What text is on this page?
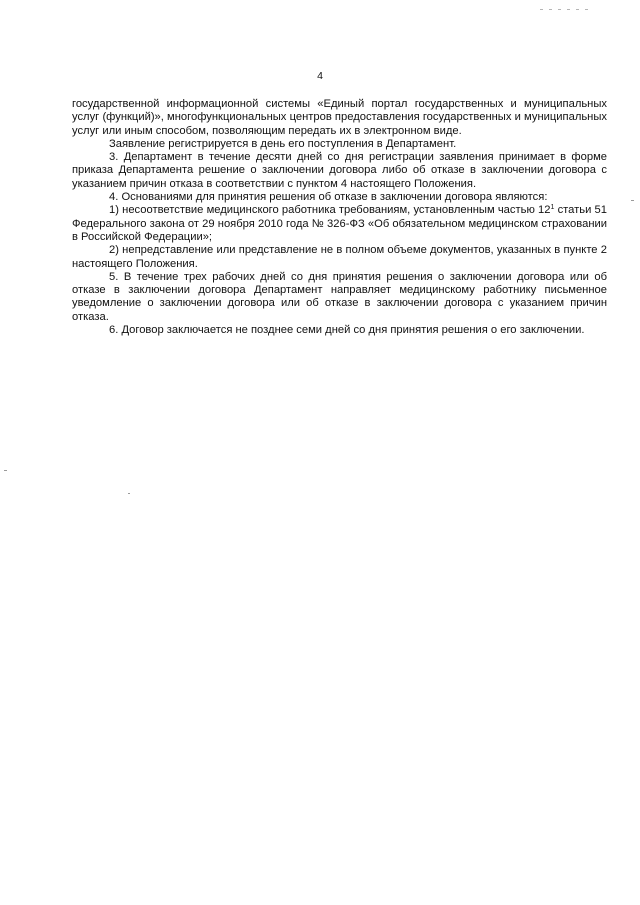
4

государственной информационной системы «Единый портал государственных и муниципальных услуг (функций)», многофункциональных центров предоставления государственных и муниципальных услуг или иным способом, позволяющим передать их в электронном виде.

Заявление регистрируется в день его поступления в Департамент.

3. Департамент в течение десяти дней со дня регистрации заявления принимает в форме приказа Департамента решение о заключении договора либо об отказе в заключении договора с указанием причин отказа в соответствии с пунктом 4 настоящего Положения.

4. Основаниями для принятия решения об отказе в заключении договора являются:

1) несоответствие медицинского работника требованиям, установленным частью $12^1$ статьи 51 Федерального закона от 29 ноября 2010 года № 326-ФЗ «Об обязательном медицинском страховании в Российской Федерации»;

2) непредставление или представление не в полном объеме документов, указанных в пункте 2 настоящего Положения.

5. В течение трех рабочих дней со дня принятия решения о заключении договора или об отказе в заключении договора Департамент направляет медицинскому работнику письменное уведомление о заключении договора или об отказе в заключении договора с указанием причин отказа.

6. Договор заключается не позднее семи дней со дня принятия решения о его заключении.
